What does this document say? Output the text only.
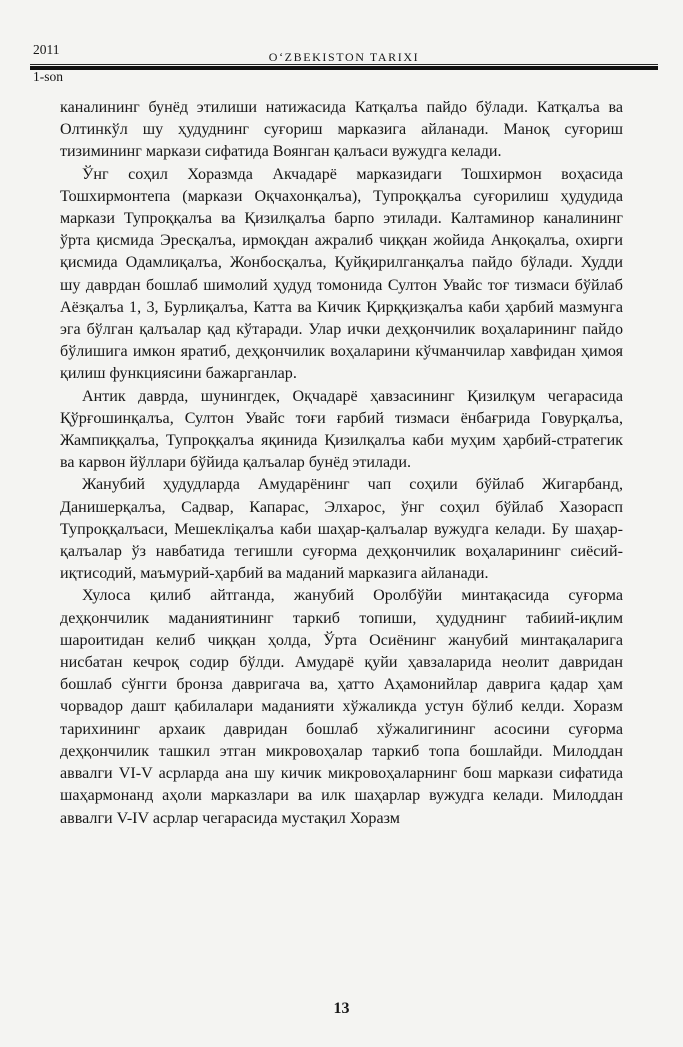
2011	O‘ZBEKISTON TARIXI
1-son

каналининг бунёд этилиши натижасида Катқалъа пайдо бўлади. Катқалъа ва Олтинкўл шу ҳудуднинг суғориш марказига айланади. Маноқ суғориш тизимининг маркази сифатида Воянган қалъаси вужудга келади.

Ўнг соҳил Хоразмда Акчадарё марказидаги Тошхирмон воҳасида Тошхирмонтепа (маркази Оқчахонқалъа), Тупроққалъа суғорилиш ҳудудида маркази Тупроққалъа ва Қизилқалъа барпо этилади. Калтаминор каналининг ўрта қисмида Эресқалъа, ирмоқдан ажралиб чиққан жойида Анқоқалъа, охирги қисмида Одамлиқалъа, Жонбосқалъа, Қуйқирилганқалъа пайдо бўлади. Худди шу даврдан бошлаб шимолий ҳудуд томонида Султон Увайс тоғ тизмаси бўйлаб Аёзқалъа 1, 3, Бурлиқалъа, Катта ва Кичик Қирққизқалъа каби ҳарбий мазмунга эга бўлган қалъалар қад кўтаради. Улар ички деҳқончилик воҳаларининг пайдо бўлишига имкон яратиб, деҳқончилик воҳаларини кўчманчилар хавфидан ҳимоя қилиш функциясини бажарганлар.

Антик даврда, шунингдек, Оқчадарё ҳавзасининг Қизилқум чегарасида Қўрғошинқалъа, Султон Увайс тоғи ғарбий тизмаси ёнбағрида Говурқалъа, Жампиққалъа, Тупроққалъа яқинида Қизилқалъа каби муҳим ҳарбий-стратегик ва карвон йўллари бўйида қалъалар бунёд этилади.

Жанубий ҳудудларда Амударёнинг чап соҳили бўйлаб Жигарбанд, Данишерқалъа, Садвар, Капарас, Элхарос, ўнг соҳил бўйлаб Хазорасп Тупроққалъаси, Мешекліқалъа каби шаҳар-қалъалар вужудга келади. Бу шаҳар-қалъалар ўз навбатида тегишли суғорма деҳқончилик воҳаларининг сиёсий-иқтисодий, маъмурий-ҳарбий ва маданий марказига айланади.

Хулоса қилиб айтганда, жанубий Оролбўйи минтақасида суғорма деҳқончилик маданиятининг таркиб топиши, ҳудуднинг табиий-иқлим шароитидан келиб чиққан ҳолда, Ўрта Осиёнинг жанубий минтақаларига нисбатан кечроқ содир бўлди. Амударё қуйи ҳавзаларида неолит давридан бошлаб сўнгги бронза давригача ва, ҳатто Аҳамонийлар даврига қадар ҳам чорвадор дашт қабилалари маданияти хўжаликда устун бўлиб келди. Хоразм тарихининг архаик давридан бошлаб хўжалигининг асосини суғорма деҳқончилик ташкил этган микровоҳалар таркиб топа бошлайди. Милоддан аввалги VI-V асрларда ана шу кичик микровоҳаларнинг бош маркази сифатида шаҳармонанд аҳоли марказлари ва илк шаҳарлар вужудга келади. Милоддан аввалги V-IV асрлар чегарасида мустақил Хоразм

13
